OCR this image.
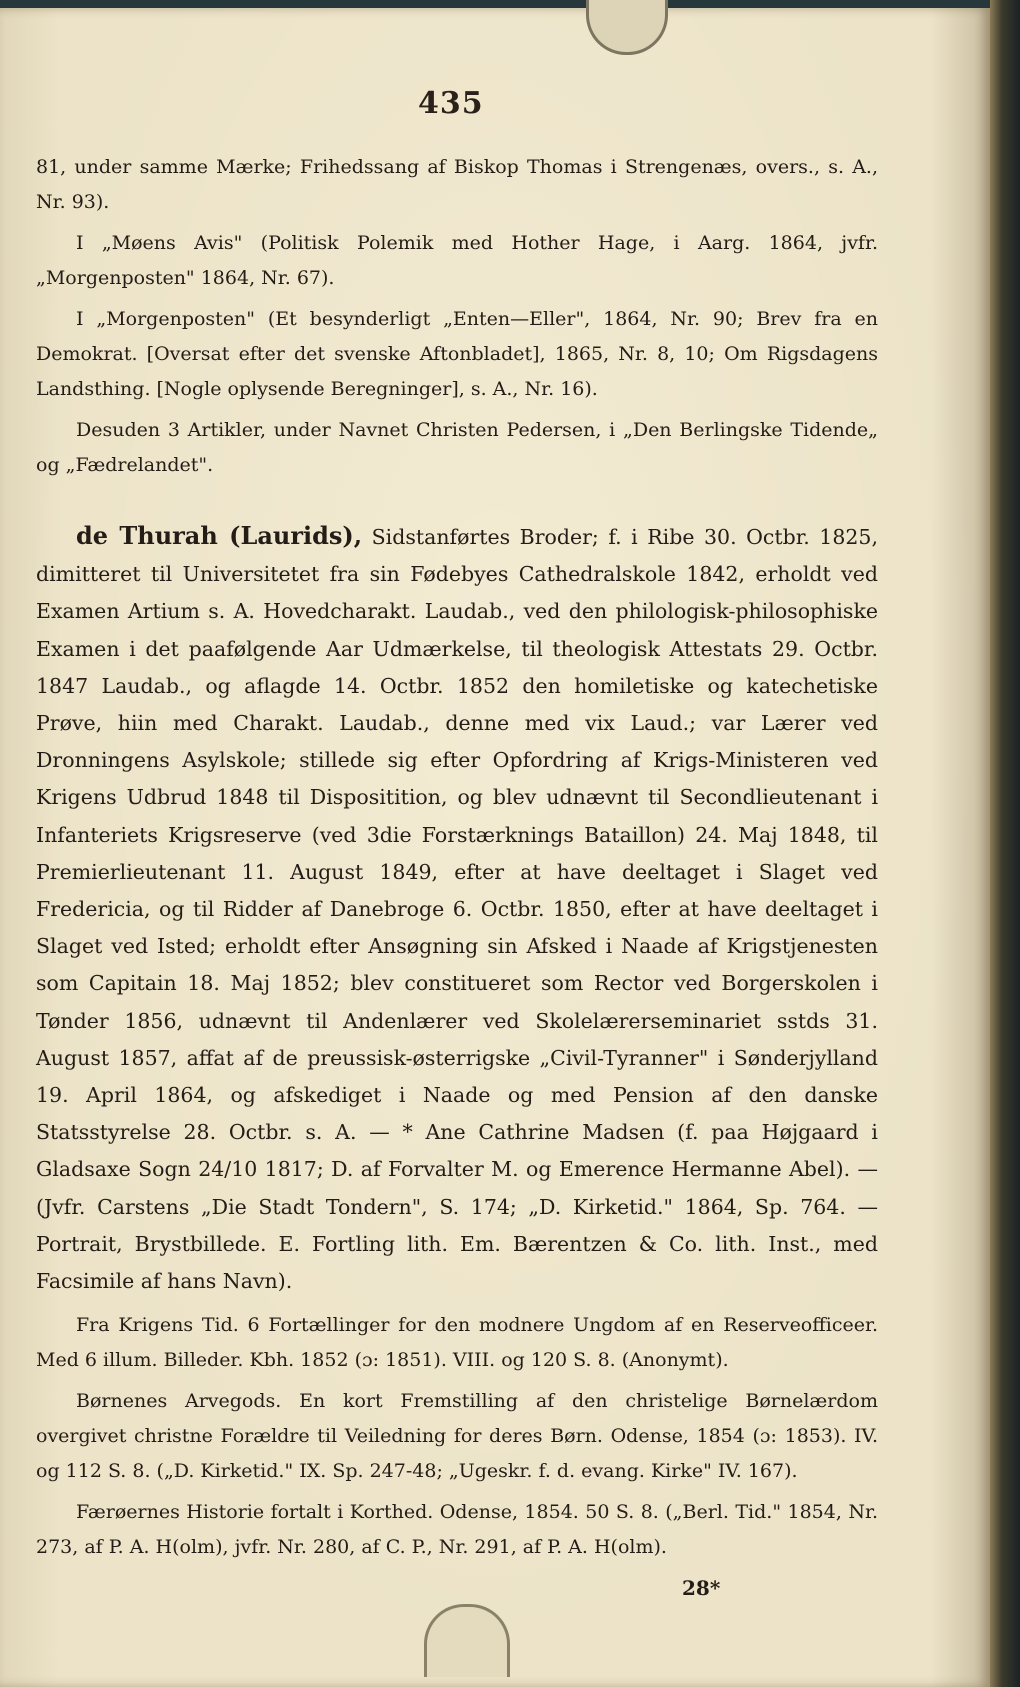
435

81, under samme Mærke; Frihedssang af Biskop Thomas i Strengenæs, overs., s. A., Nr. 93).

I „Møens Avis" (Politisk Polemik med Hother Hage, i Aarg. 1864, jvfr. „Morgenposten" 1864, Nr. 67).

I „Morgenposten" (Et besynderligt „Enten—Eller", 1864, Nr. 90; Brev fra en Demokrat. [Oversat efter det svenske Aftonbladet], 1865, Nr. 8, 10; Om Rigsdagens Landsthing. [Nogle oplysende Beregninger], s. A., Nr. 16).

Desuden 3 Artikler, under Navnet Christen Pedersen, i „Den Berlingske Tidende„ og „Fædrelandet".

de Thurah (Laurids), Sidstanførtes Broder; f. i Ribe 30. Octbr. 1825, dimitteret til Universitetet fra sin Fødebyes Cathedralskole 1842, erholdt ved Examen Artium s. A. Hovedcharakt. Laudab., ved den philologisk-philosophiske Examen i det paafølgende Aar Udmærkelse, til theologisk Attestats 29. Octbr. 1847 Laudab., og aflagde 14. Octbr. 1852 den homiletiske og katechetiske Prøve, hiin med Charakt. Laudab., denne med vix Laud.; var Lærer ved Dronningens Asylskole; stillede sig efter Opfordring af Krigs-Ministeren ved Krigens Udbrud 1848 til Dispositition, og blev udnævnt til Secondlieutenant i Infanteriets Krigsreserve (ved 3die Forstærknings Bataillon) 24. Maj 1848, til Premierlieutenant 11. August 1849, efter at have deeltaget i Slaget ved Fredericia, og til Ridder af Danebroge 6. Octbr. 1850, efter at have deeltaget i Slaget ved Isted; erholdt efter Ansøgning sin Afsked i Naade af Krigstjenesten som Capitain 18. Maj 1852; blev constitueret som Rector ved Borgerskolen i Tønder 1856, udnævnt til Andenlærer ved Skolelærerseminariet sstds 31. August 1857, affat af de preussisk-østerrigske „Civil-Tyranner" i Sønderjylland 19. April 1864, og afskediget i Naade og med Pension af den danske Statsstyrelse 28. Octbr. s. A. — * Ane Cathrine Madsen (f. paa Højgaard i Gladsaxe Sogn 24/10 1817; D. af Forvalter M. og Emerence Hermanne Abel). — (Jvfr. Carstens „Die Stadt Tondern", S. 174; „D. Kirketid." 1864, Sp. 764. — Portrait, Brystbillede. E. Fortling lith. Em. Bærentzen & Co. lith. Inst., med Facsimile af hans Navn).

Fra Krigens Tid. 6 Fortællinger for den modnere Ungdom af en Reserveofficeer. Med 6 illum. Billeder. Kbh. 1852 (ɔ: 1851). VIII. og 120 S. 8. (Anonymt).

Børnenes Arvegods. En kort Fremstilling af den christelige Børnelærdom overgivet christne Forældre til Veiledning for deres Børn. Odense, 1854 (ɔ: 1853). IV. og 112 S. 8. („D. Kirketid." IX. Sp. 247-48; „Ugeskr. f. d. evang. Kirke" IV. 167).

Færøernes Historie fortalt i Korthed. Odense, 1854. 50 S. 8. („Berl. Tid." 1854, Nr. 273, af P. A. H(olm), jvfr. Nr. 280, af C. P., Nr. 291, af P. A. H(olm).

28*
